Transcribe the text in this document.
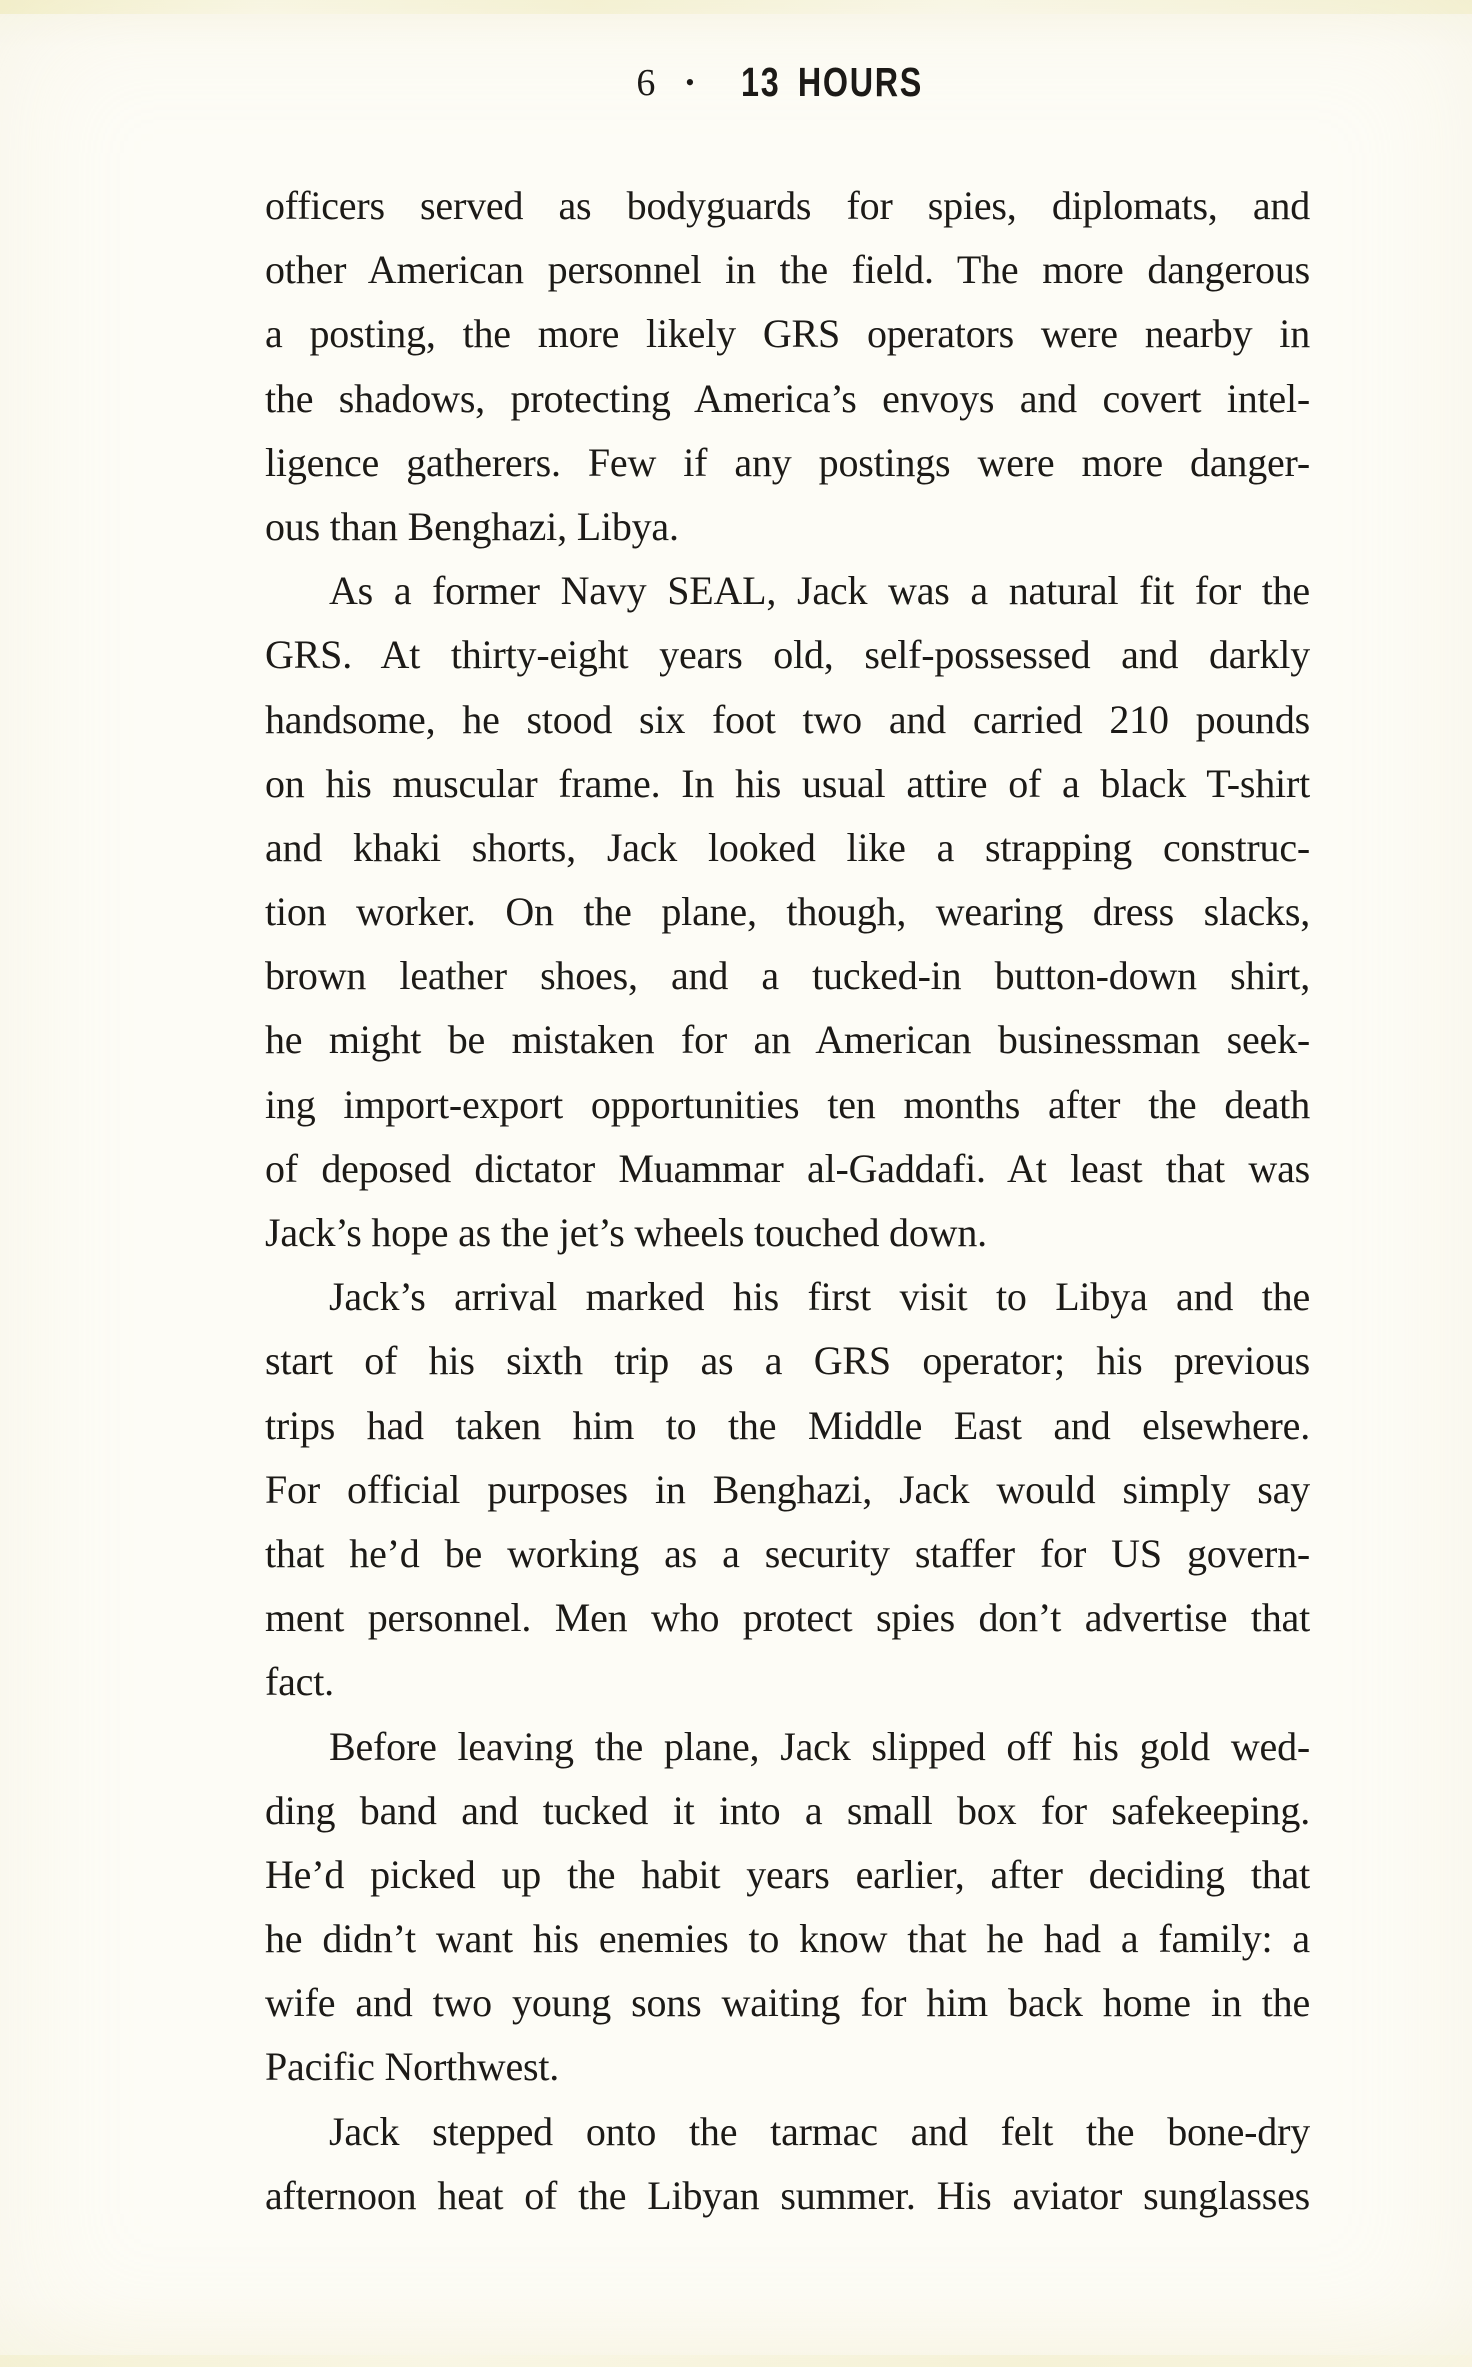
6 • 13 HOURS
officers served as bodyguards for spies, diplomats, and
other American personnel in the field. The more dangerous
a posting, the more likely GRS operators were nearby in
the shadows, protecting America’s envoys and covert intel-
ligence gatherers. Few if any postings were more danger-
ous than Benghazi, Libya.
As a former Navy SEAL, Jack was a natural fit for the
GRS. At thirty-eight years old, self-possessed and darkly
handsome, he stood six foot two and carried 210 pounds
on his muscular frame. In his usual attire of a black T-shirt
and khaki shorts, Jack looked like a strapping construc-
tion worker. On the plane, though, wearing dress slacks,
brown leather shoes, and a tucked-in button-down shirt,
he might be mistaken for an American businessman seek-
ing import-export opportunities ten months after the death
of deposed dictator Muammar al-Gaddafi. At least that was
Jack’s hope as the jet’s wheels touched down.
Jack’s arrival marked his first visit to Libya and the
start of his sixth trip as a GRS operator; his previous
trips had taken him to the Middle East and elsewhere.
For official purposes in Benghazi, Jack would simply say
that he’d be working as a security staffer for US govern-
ment personnel. Men who protect spies don’t advertise that
fact.
Before leaving the plane, Jack slipped off his gold wed-
ding band and tucked it into a small box for safekeeping.
He’d picked up the habit years earlier, after deciding that
he didn’t want his enemies to know that he had a family: a
wife and two young sons waiting for him back home in the
Pacific Northwest.
Jack stepped onto the tarmac and felt the bone-dry
afternoon heat of the Libyan summer. His aviator sunglasses
